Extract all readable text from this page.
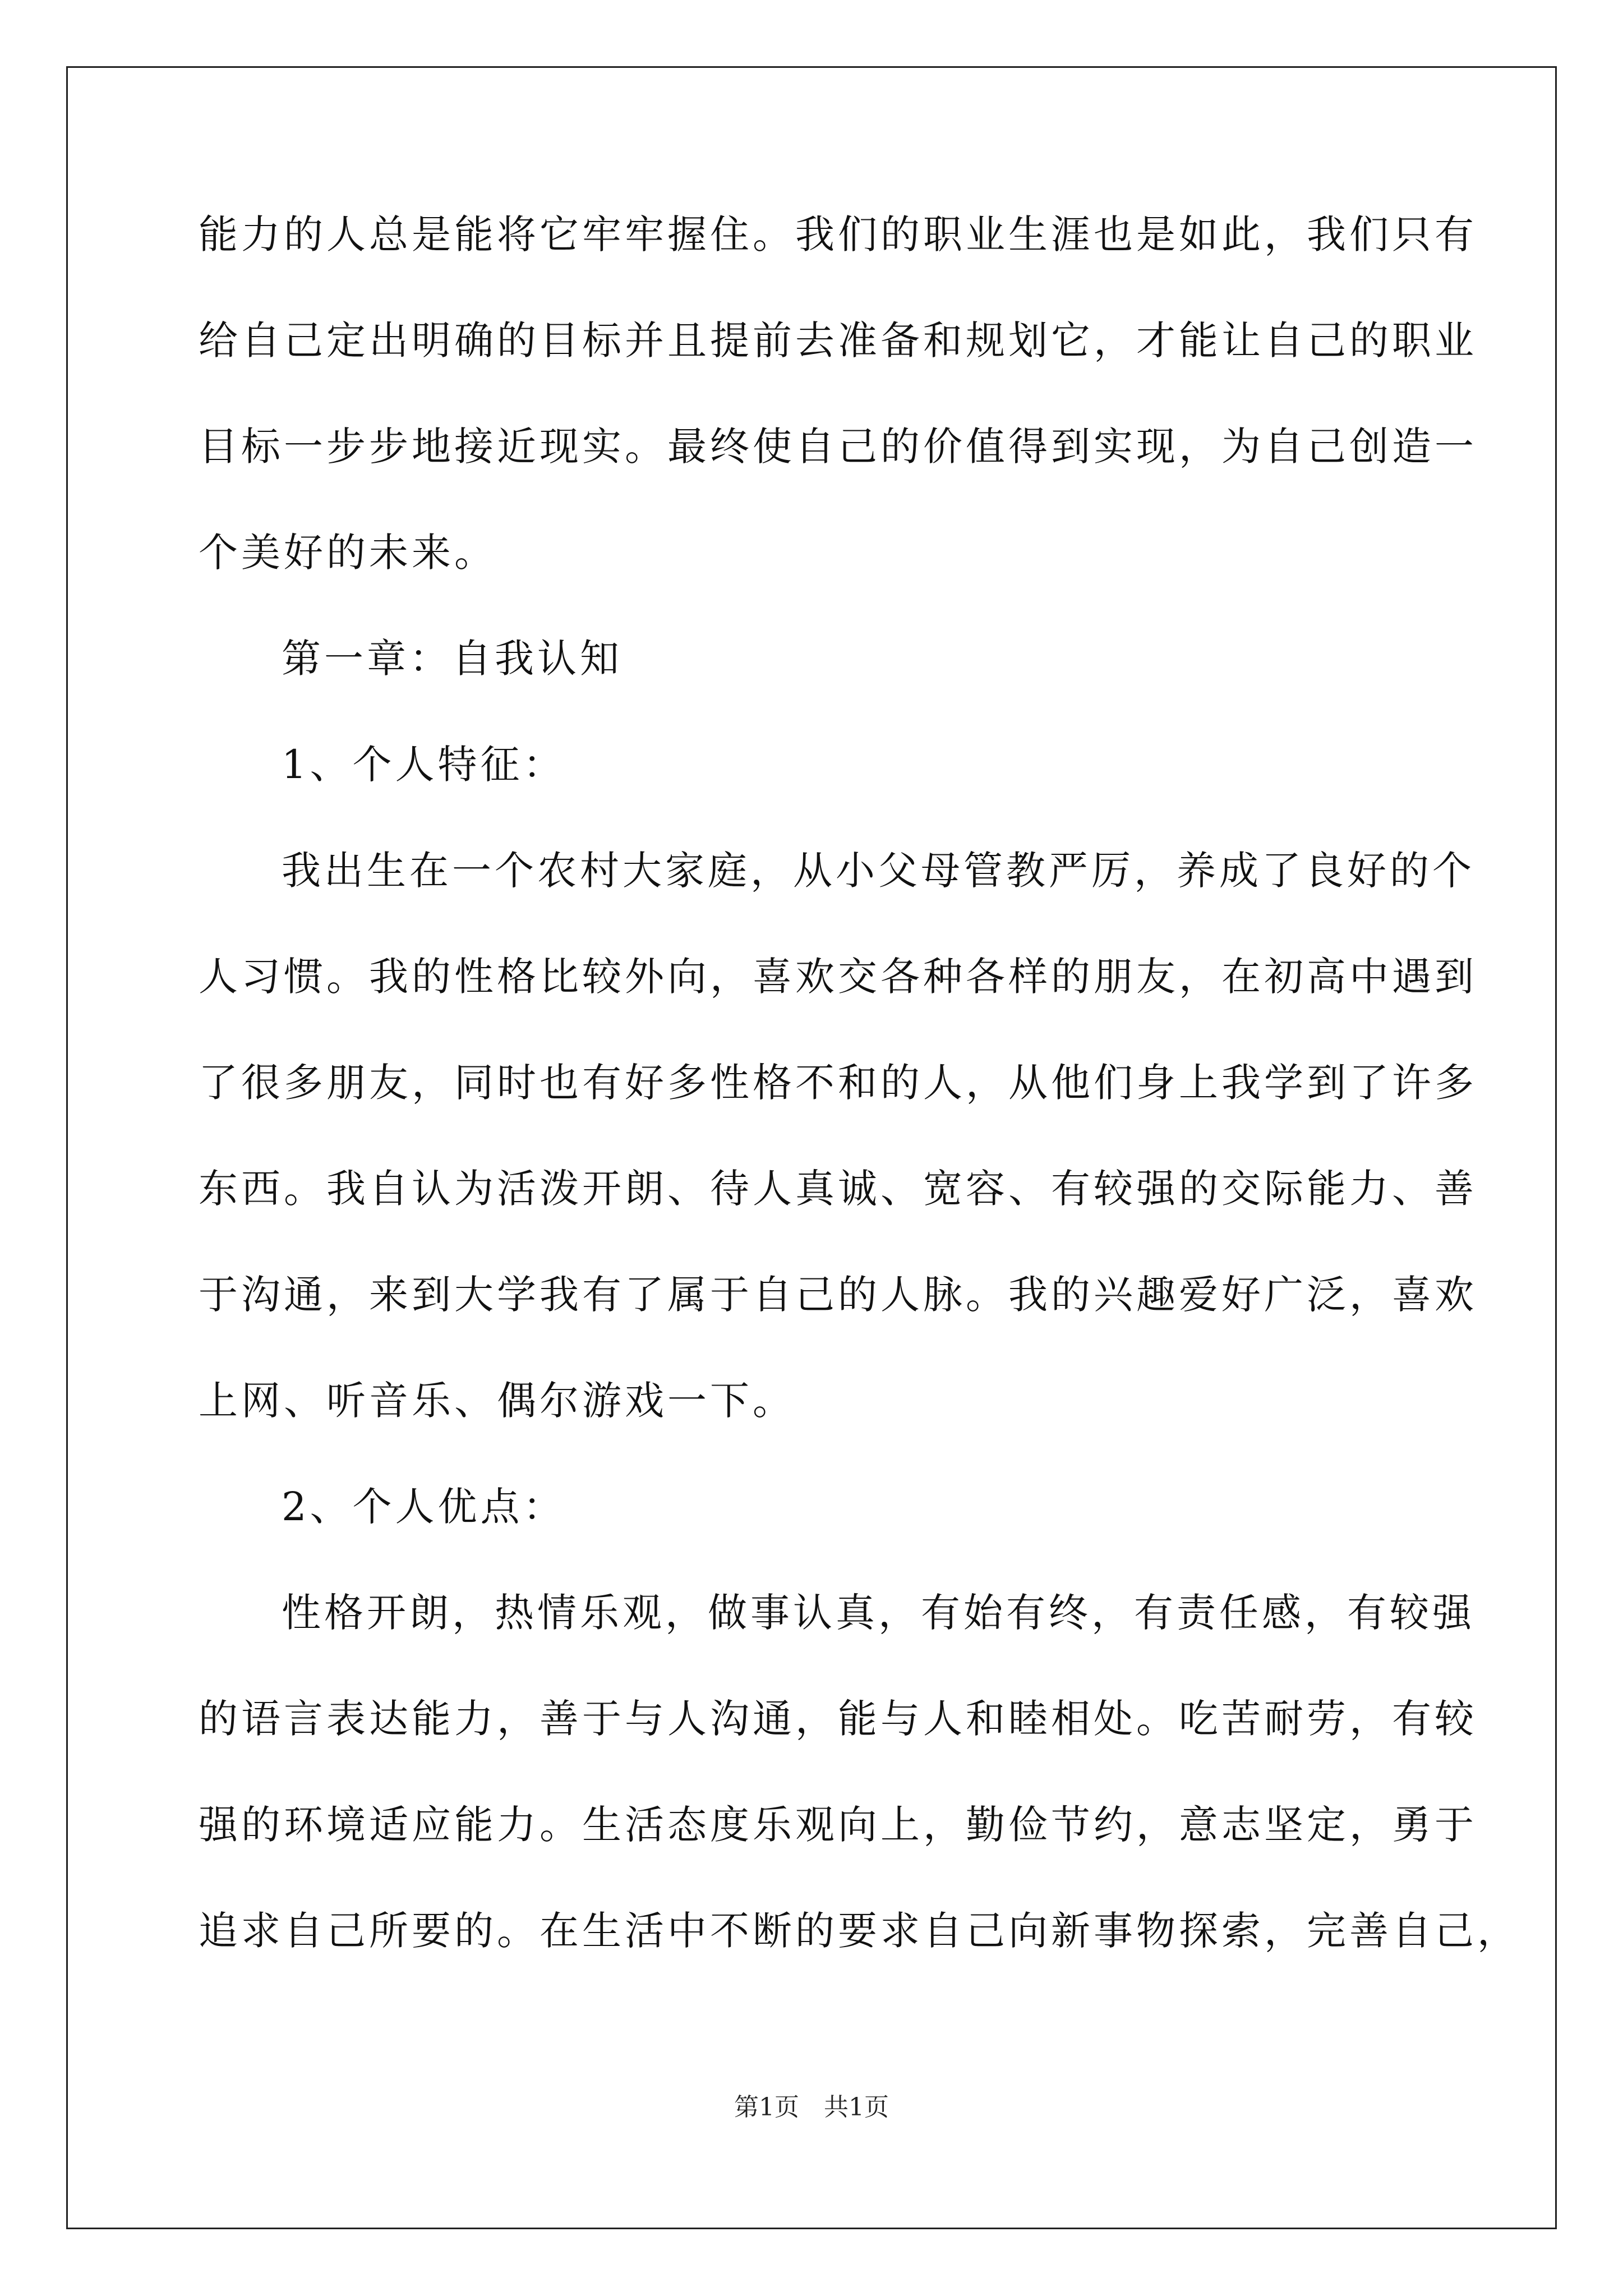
能力的人总是能将它牢牢握住。我们的职业生涯也是如此，我们只有
给自己定出明确的目标并且提前去准备和规划它，才能让自己的职业
目标一步步地接近现实。最终使自己的价值得到实现，为自己创造一
个美好的未来。
第一章：自我认知
1、个人特征：
我出生在一个农村大家庭，从小父母管教严厉，养成了良好的个
人习惯。我的性格比较外向，喜欢交各种各样的朋友，在初高中遇到
了很多朋友，同时也有好多性格不和的人，从他们身上我学到了许多
东西。我自认为活泼开朗、待人真诚、宽容、有较强的交际能力、善
于沟通，来到大学我有了属于自己的人脉。我的兴趣爱好广泛，喜欢
上网、听音乐、偶尔游戏一下。
2、个人优点：
性格开朗，热情乐观，做事认真，有始有终，有责任感，有较强
的语言表达能力，善于与人沟通，能与人和睦相处。吃苦耐劳，有较
强的环境适应能力。生活态度乐观向上，勤俭节约，意志坚定，勇于
追求自己所要的。在生活中不断的要求自己向新事物探索，完善自己，
第1页　共1页
